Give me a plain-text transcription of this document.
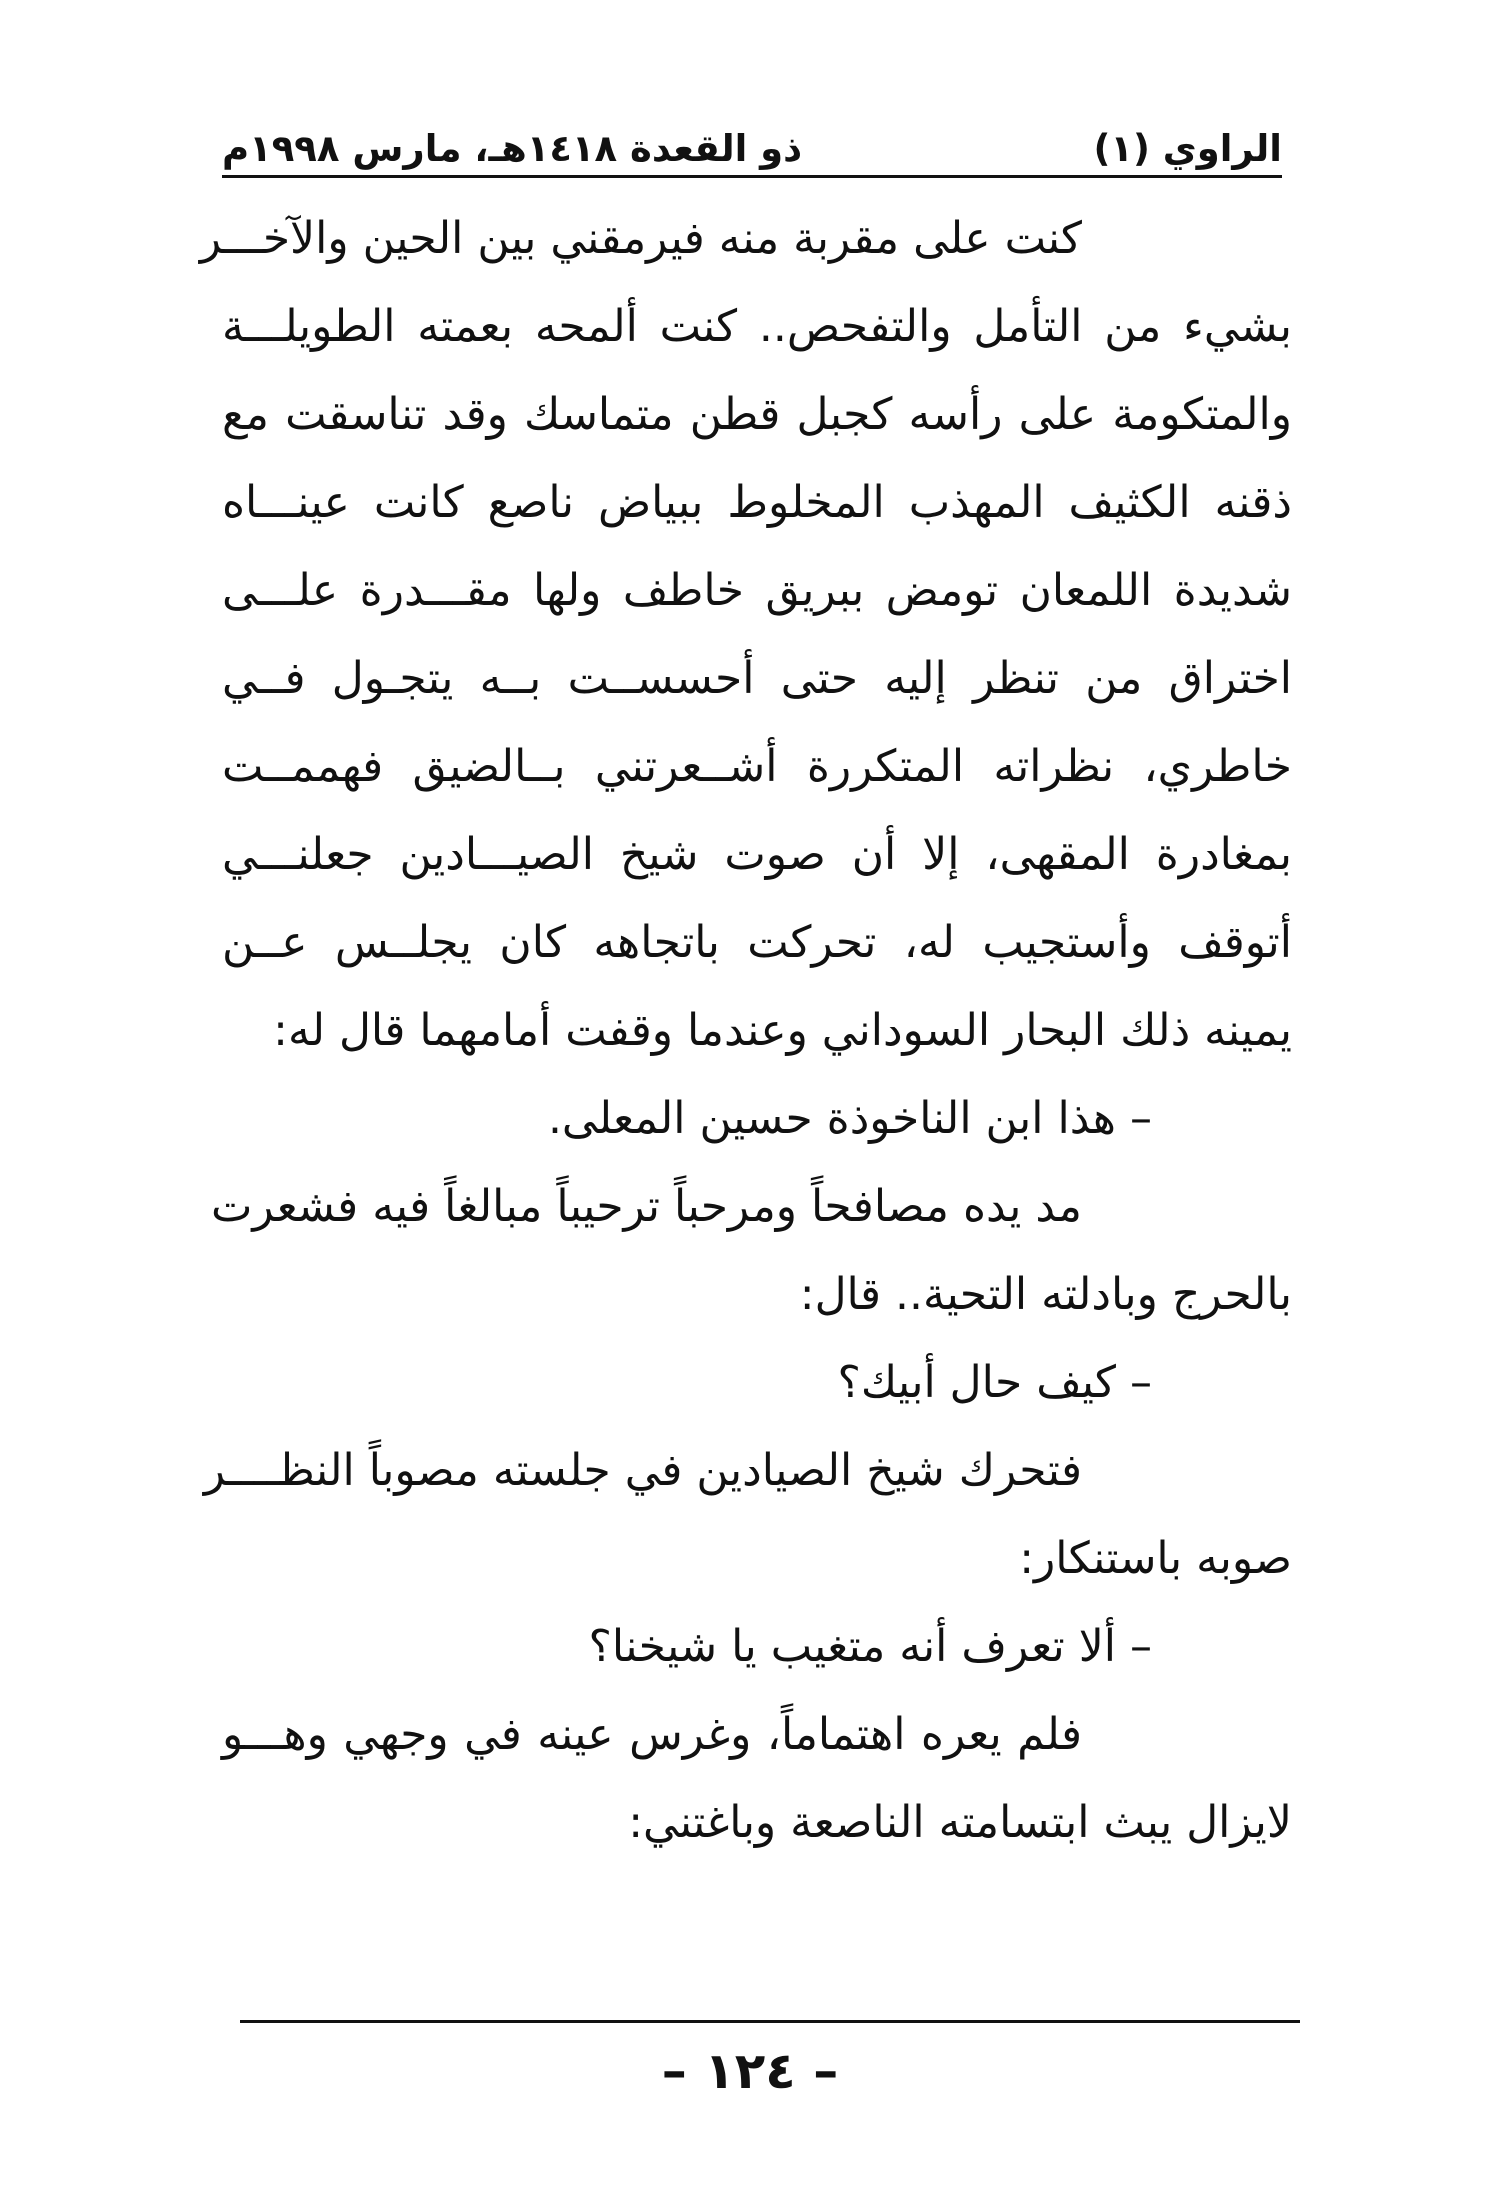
الراوي (١)
ذو القعدة ١٤١٨هـ، مارس ١٩٩٨م

كنت على مقربة منه فيرمقني بين الحين والآخـــر

بشيء من التأمل والتفحص.. كنت ألمحه بعمته الطويلـــة

والمتكومة على رأسه كجبل قطن متماسك وقد تناسقت مع

ذقنه الكثيف المهذب المخلوط ببياض ناصع كانت عينـــاه

شديدة اللمعان تومض ببريق خاطف ولها مقـــدرة علـــى

اختراق من تنظر إليه حتى أحسســت بــه يتجـول فــي

خاطري، نظراته المتكررة أشــعرتني بــالضيق فهممــت

بمغادرة المقهى، إلا أن صوت شيخ الصيـــادين جعلنـــي

أتوقف وأستجيب له، تحركت باتجاهه كان يجلــس عــن

يمينه ذلك البحار السوداني وعندما وقفت أمامهما قال له:

– هذا ابن الناخوذة حسين المعلى.

مد يده مصافحاً ومرحباً ترحيباً مبالغاً فيه فشعرت

بالحرج وبادلته التحية.. قال:

– كيف حال أبيك؟

فتحرك شيخ الصيادين في جلسته مصوباً النظــــر

صوبه باستنكار:

– ألا تعرف أنه متغيب يا شيخنا؟

فلم يعره اهتماماً، وغرس عينه في وجهي وهـــو

لايزال يبث ابتسامته الناصعة وباغتني:

– ١٢٤ –
